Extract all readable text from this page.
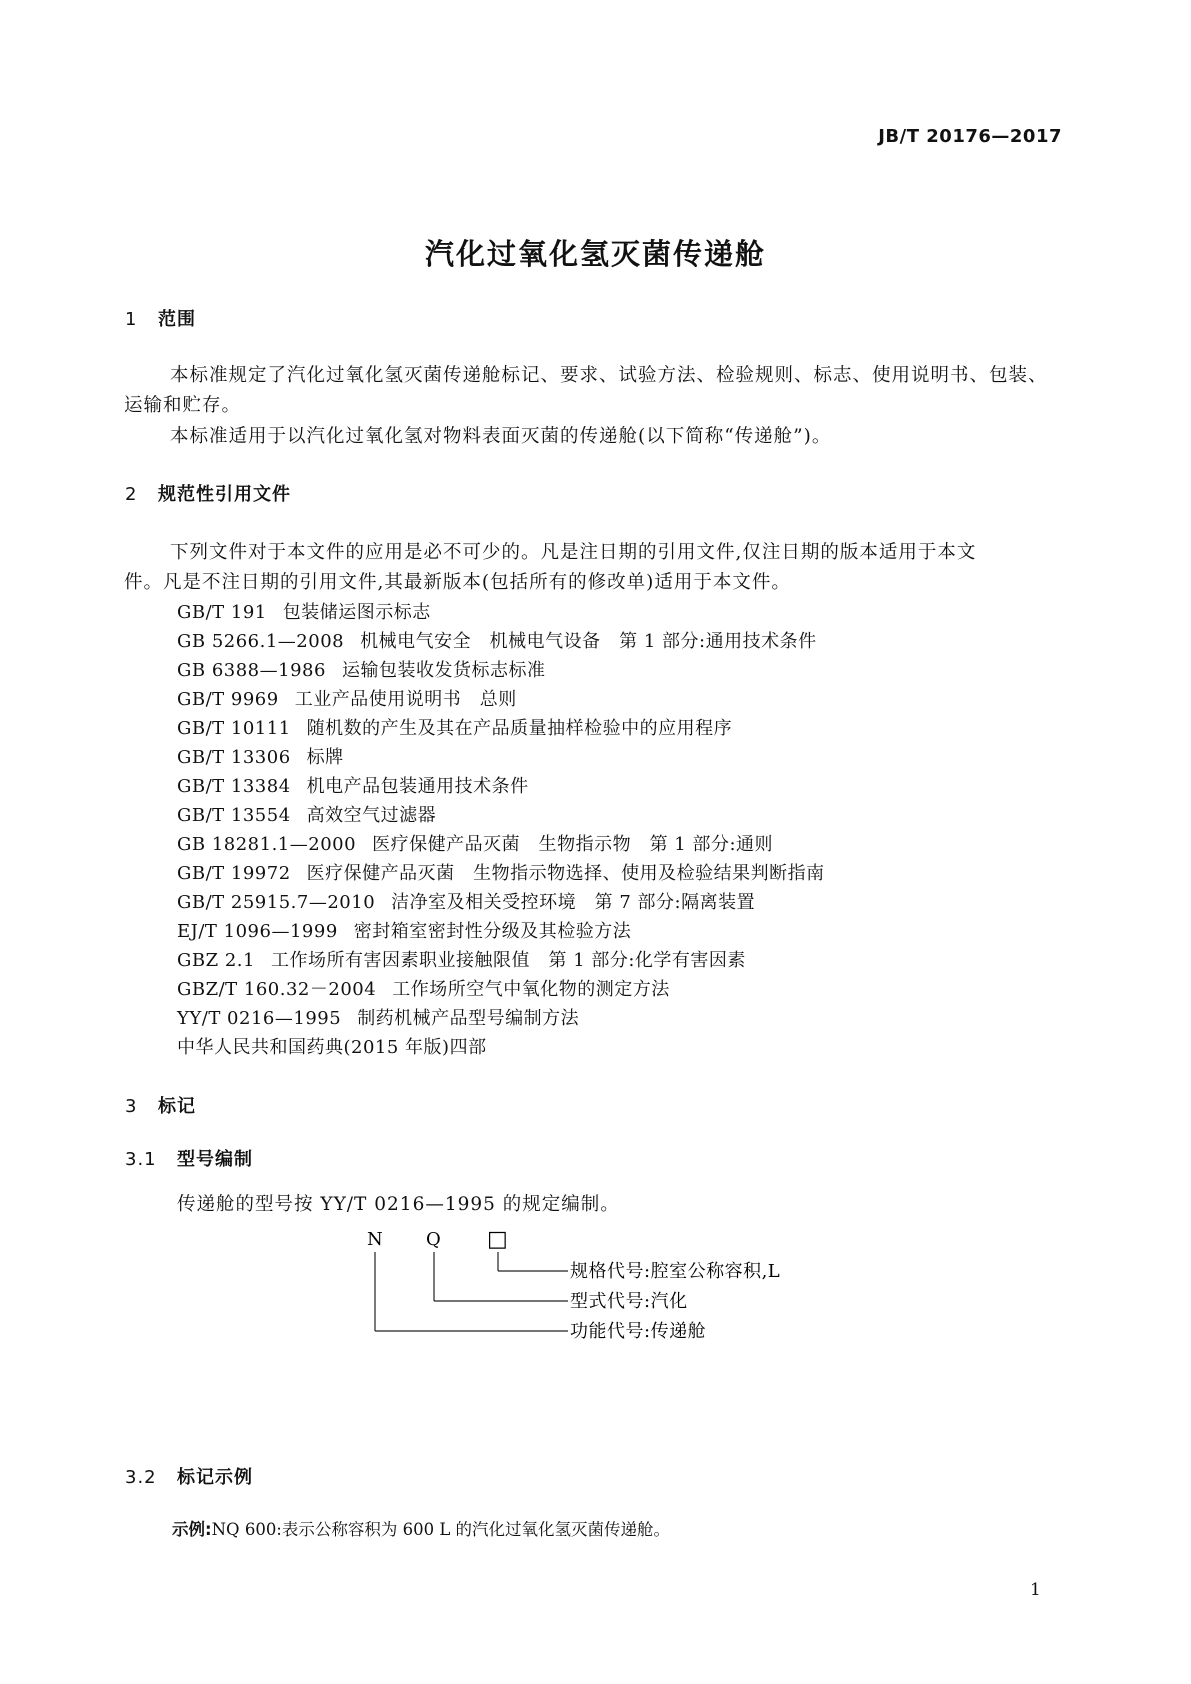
JB/T 20176—2017
汽化过氧化氢灭菌传递舱
1 范围
本标准规定了汽化过氧化氢灭菌传递舱标记、要求、试验方法、检验规则、标志、使用说明书、包装、
运输和贮存。
本标准适用于以汽化过氧化氢对物料表面灭菌的传递舱(以下简称“传递舱”)。
2 规范性引用文件
下列文件对于本文件的应用是必不可少的。凡是注日期的引用文件,仅注日期的版本适用于本文
件。凡是不注日期的引用文件,其最新版本(包括所有的修改单)适用于本文件。
GB/T 191 包装储运图示标志
GB 5266.1—2008 机械电气安全　机械电气设备　第 1 部分:通用技术条件
GB 6388—1986 运输包装收发货标志标准
GB/T 9969 工业产品使用说明书　总则
GB/T 10111 随机数的产生及其在产品质量抽样检验中的应用程序
GB/T 13306 标牌
GB/T 13384 机电产品包装通用技术条件
GB/T 13554 高效空气过滤器
GB 18281.1—2000 医疗保健产品灭菌　生物指示物　第 1 部分:通则
GB/T 19972 医疗保健产品灭菌　生物指示物选择、使用及检验结果判断指南
GB/T 25915.7—2010 洁净室及相关受控环境　第 7 部分:隔离装置
EJ/T 1096—1999 密封箱室密封性分级及其检验方法
GBZ 2.1 工作场所有害因素职业接触限值　第 1 部分:化学有害因素
GBZ/T 160.32－2004 工作场所空气中氧化物的测定方法
YY/T 0216—1995 制药机械产品型号编制方法
中华人民共和国药典(2015 年版)四部
3 标记
3.1 型号编制
传递舱的型号按 YY/T 0216—1995 的规定编制。
N Q □
规格代号:腔室公称容积,L
型式代号:汽化
功能代号:传递舱
3.2 标记示例
示例:NQ 600:表示公称容积为 600 L 的汽化过氧化氢灭菌传递舱。
1
